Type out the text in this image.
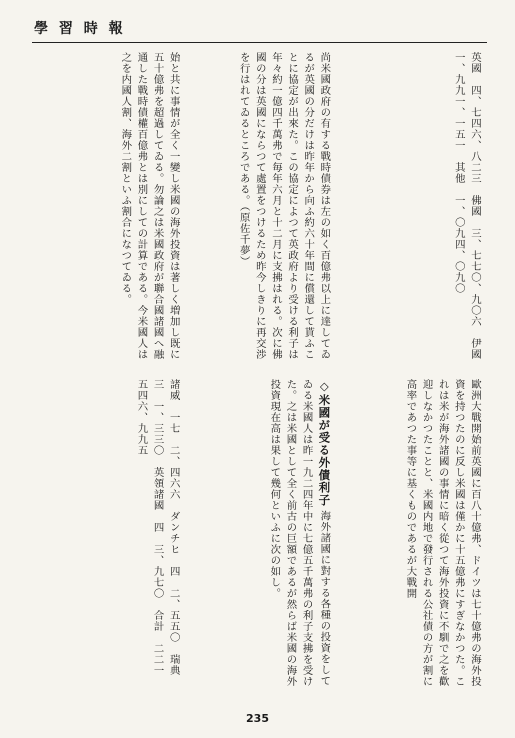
學 習 時 報
始と共に事情が全く一變し米國の海外投資は著しく増加し既に五十億弗を超過してゐる。勿論之は米國政府が聯合國諸國へ融通した戰時債權百億弗とは別にしての計算である。今米國人は之を内國人割、海外二割といふ割合になつてゐる。	尚米國政府の有する戰時債券は左の如く百億弗以上に達してゐるが英國の分だけは昨年から向ふ約六十年間に償還して貰ふことに協定が出來た。この協定によつて英政府より受ける利子は年々約一億四千萬弗で毎年六月と十二月に支拂はれる。次に佛國の分は英國にならつて處置をつけるため昨今しきりに再交渉を行はれてゐるところである。（原佐千夢）	英國　四、七四六、八二三　佛國　三、七七〇、九〇六　伊國　一、九九一、一五一　其他　一、〇九四、〇九〇
諸威　一七　二、四六六　ダンチヒ　四　二、五五〇　瑞典　三　一、三三〇　英領諸國　四　三、九七〇　合計　二二一　五四六、九九五	◇米國が受る外債利子 海外諸國に對する各種の投資をしてゐる米國人は昨一九二四年中に七億五千萬弗の利子支拂を受けた。之は米國として全く前古の巨額であるが然らば米國の海外投資現在高は果して幾何といふに次の如し。	歐洲大戰開始前英國に百八十億弗、ドイツは七十億弗の海外投資を持つたのに反し米國は僅かに十五億弗にすぎなかつた。これは米が海外諸國の事情に暗く從つて海外投資に不馴で之を歡迎しなかつたことと、米國内地で發行される公社債の方が割に高率であつた事等に基くものであるが大戰開
235
